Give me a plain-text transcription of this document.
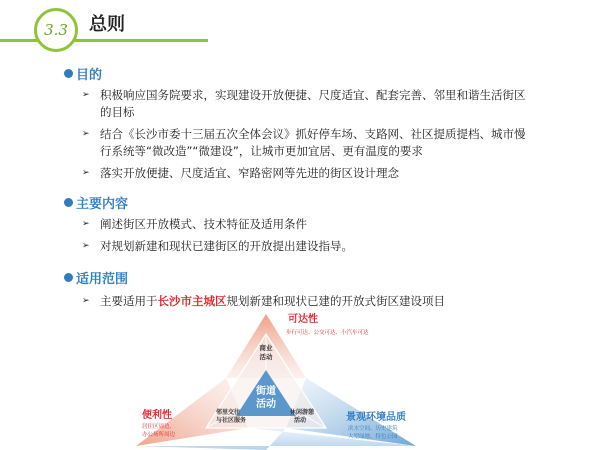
3.3 总则
目的
➢ 积极响应国务院要求，实现建设开放便捷、尺度适宜、配套完善、邻里和谐生活街区的目标
➢ 结合《长沙市委十三届五次全体会议》抓好停车场、支路网、社区提质提档、城市慢行系统等“微改造”“微建设”，让城市更加宜居、更有温度的要求
➢ 落实开放便捷、尺度适宜、窄路密网等先进的街区设计理念
主要内容
➢ 阐述街区开放模式、技术特征及适用条件
➢ 对规划新建和现状已建街区的开放提出建设指导。
适用范围
➢ 主要适用于长沙市主城区规划新建和现状已建的开放式街区建设项目
街道
活动
商业
活动
邻里交往
与社区服务
休闲游憩
活动
可达性
步行可达、公交可达、小汽车可达
便利性
居住区周边、
办公场所周边
景观环境品质
滨水空间、历史建筑
大型绿地、特色公园
